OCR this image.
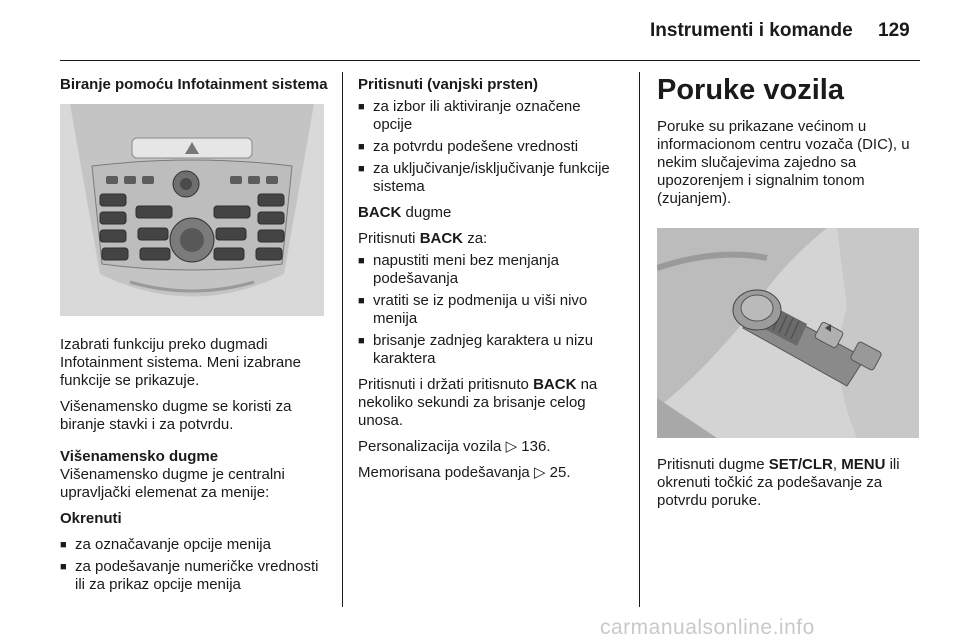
Instrumenti i komande 129
Biranje pomoću Infotainment sistema

Izabrati funkciju preko dugmadi Infotainment sistema. Meni izabrane funkcije se prikazuje.

Višenamensko dugme se koristi za biranje stavki i za potvrdu.

Višenamensko dugme

Višenamensko dugme je centralni upravljački elemenat za menije:

Okrenuti

■ za označavanje opcije menija
■ za podešavanje numeričke vrednosti ili za prikaz opcije menija

Pritisnuti (vanjski prsten)

■ za izbor ili aktiviranje označene opcije
■ za potvrdu podešene vrednosti
■ za uključivanje/isključivanje funkcije sistema

BACK dugme

Pritisnuti BACK za:

■ napustiti meni bez menjanja podešavanja
■ vratiti se iz podmenija u viši nivo menija
■ brisanje zadnjeg karaktera u nizu karaktera

Pritisnuti i držati pritisnuto BACK na nekoliko sekundi za brisanje celog unosa.

Personalizacija vozila ▷ 136.

Memorisana podešavanja ▷ 25.

Poruke vozila

Poruke su prikazane većinom u informacionom centru vozača (DIC), u nekim slučajevima zajedno sa upozorenjem i signalnim tonom (zujanjem).

Pritisnuti dugme SET/CLR, MENU ili okrenuti točkić za podešavanje za potvrdu poruke.

carmanualsonline.info
